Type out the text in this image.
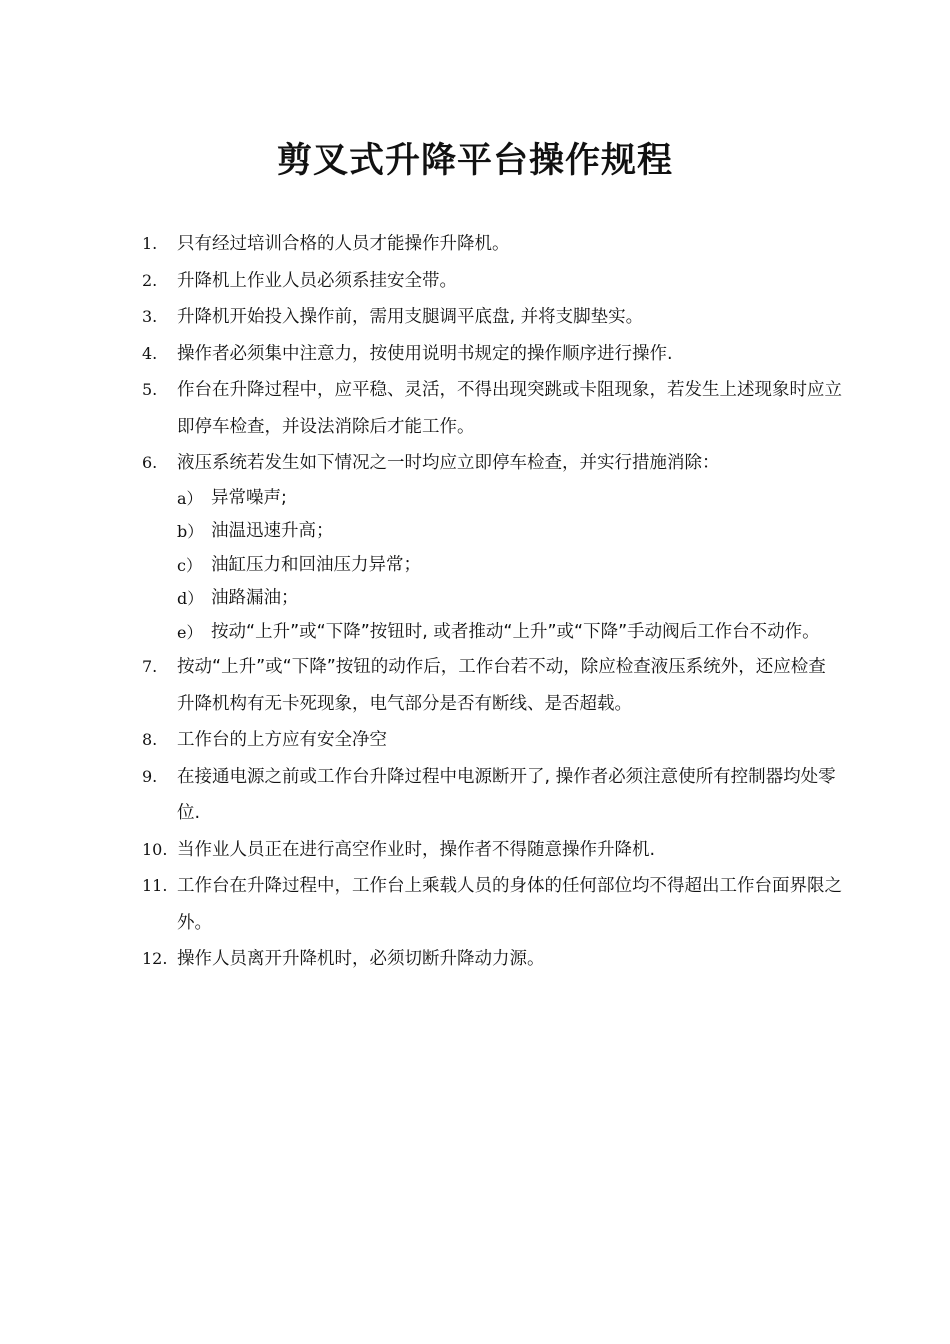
剪叉式升降平台操作规程
1. 只有经过培训合格的人员才能操作升降机。
2. 升降机上作业人员必须系挂安全带。
3. 升降机开始投入操作前，需用支腿调平底盘, 并将支脚垫实。
4. 操作者必须集中注意力，按使用说明书规定的操作顺序进行操作.
5. 作台在升降过程中，应平稳、灵活，不得出现突跳或卡阻现象，若发生上述现象时应立即停车检查，并设法消除后才能工作。
6. 液压系统若发生如下情况之一时均应立即停车检查，并实行措施消除：
a） 异常噪声;
b） 油温迅速升高；
c） 油缸压力和回油压力异常；
d） 油路漏油；
e） 按动“上升”或“下降”按钮时, 或者推动“上升”或“下降”手动阀后工作台不动作。
7. 按动“上升”或“下降”按钮的动作后，工作台若不动，除应检查液压系统外，还应检查升降机构有无卡死现象，电气部分是否有断线、是否超载。
8. 工作台的上方应有安全净空
9. 在接通电源之前或工作台升降过程中电源断开了, 操作者必须注意使所有控制器均处零位.
10. 当作业人员正在进行高空作业时，操作者不得随意操作升降机.
11. 工作台在升降过程中，工作台上乘载人员的身体的任何部位均不得超出工作台面界限之外。
12. 操作人员离开升降机时，必须切断升降动力源。
